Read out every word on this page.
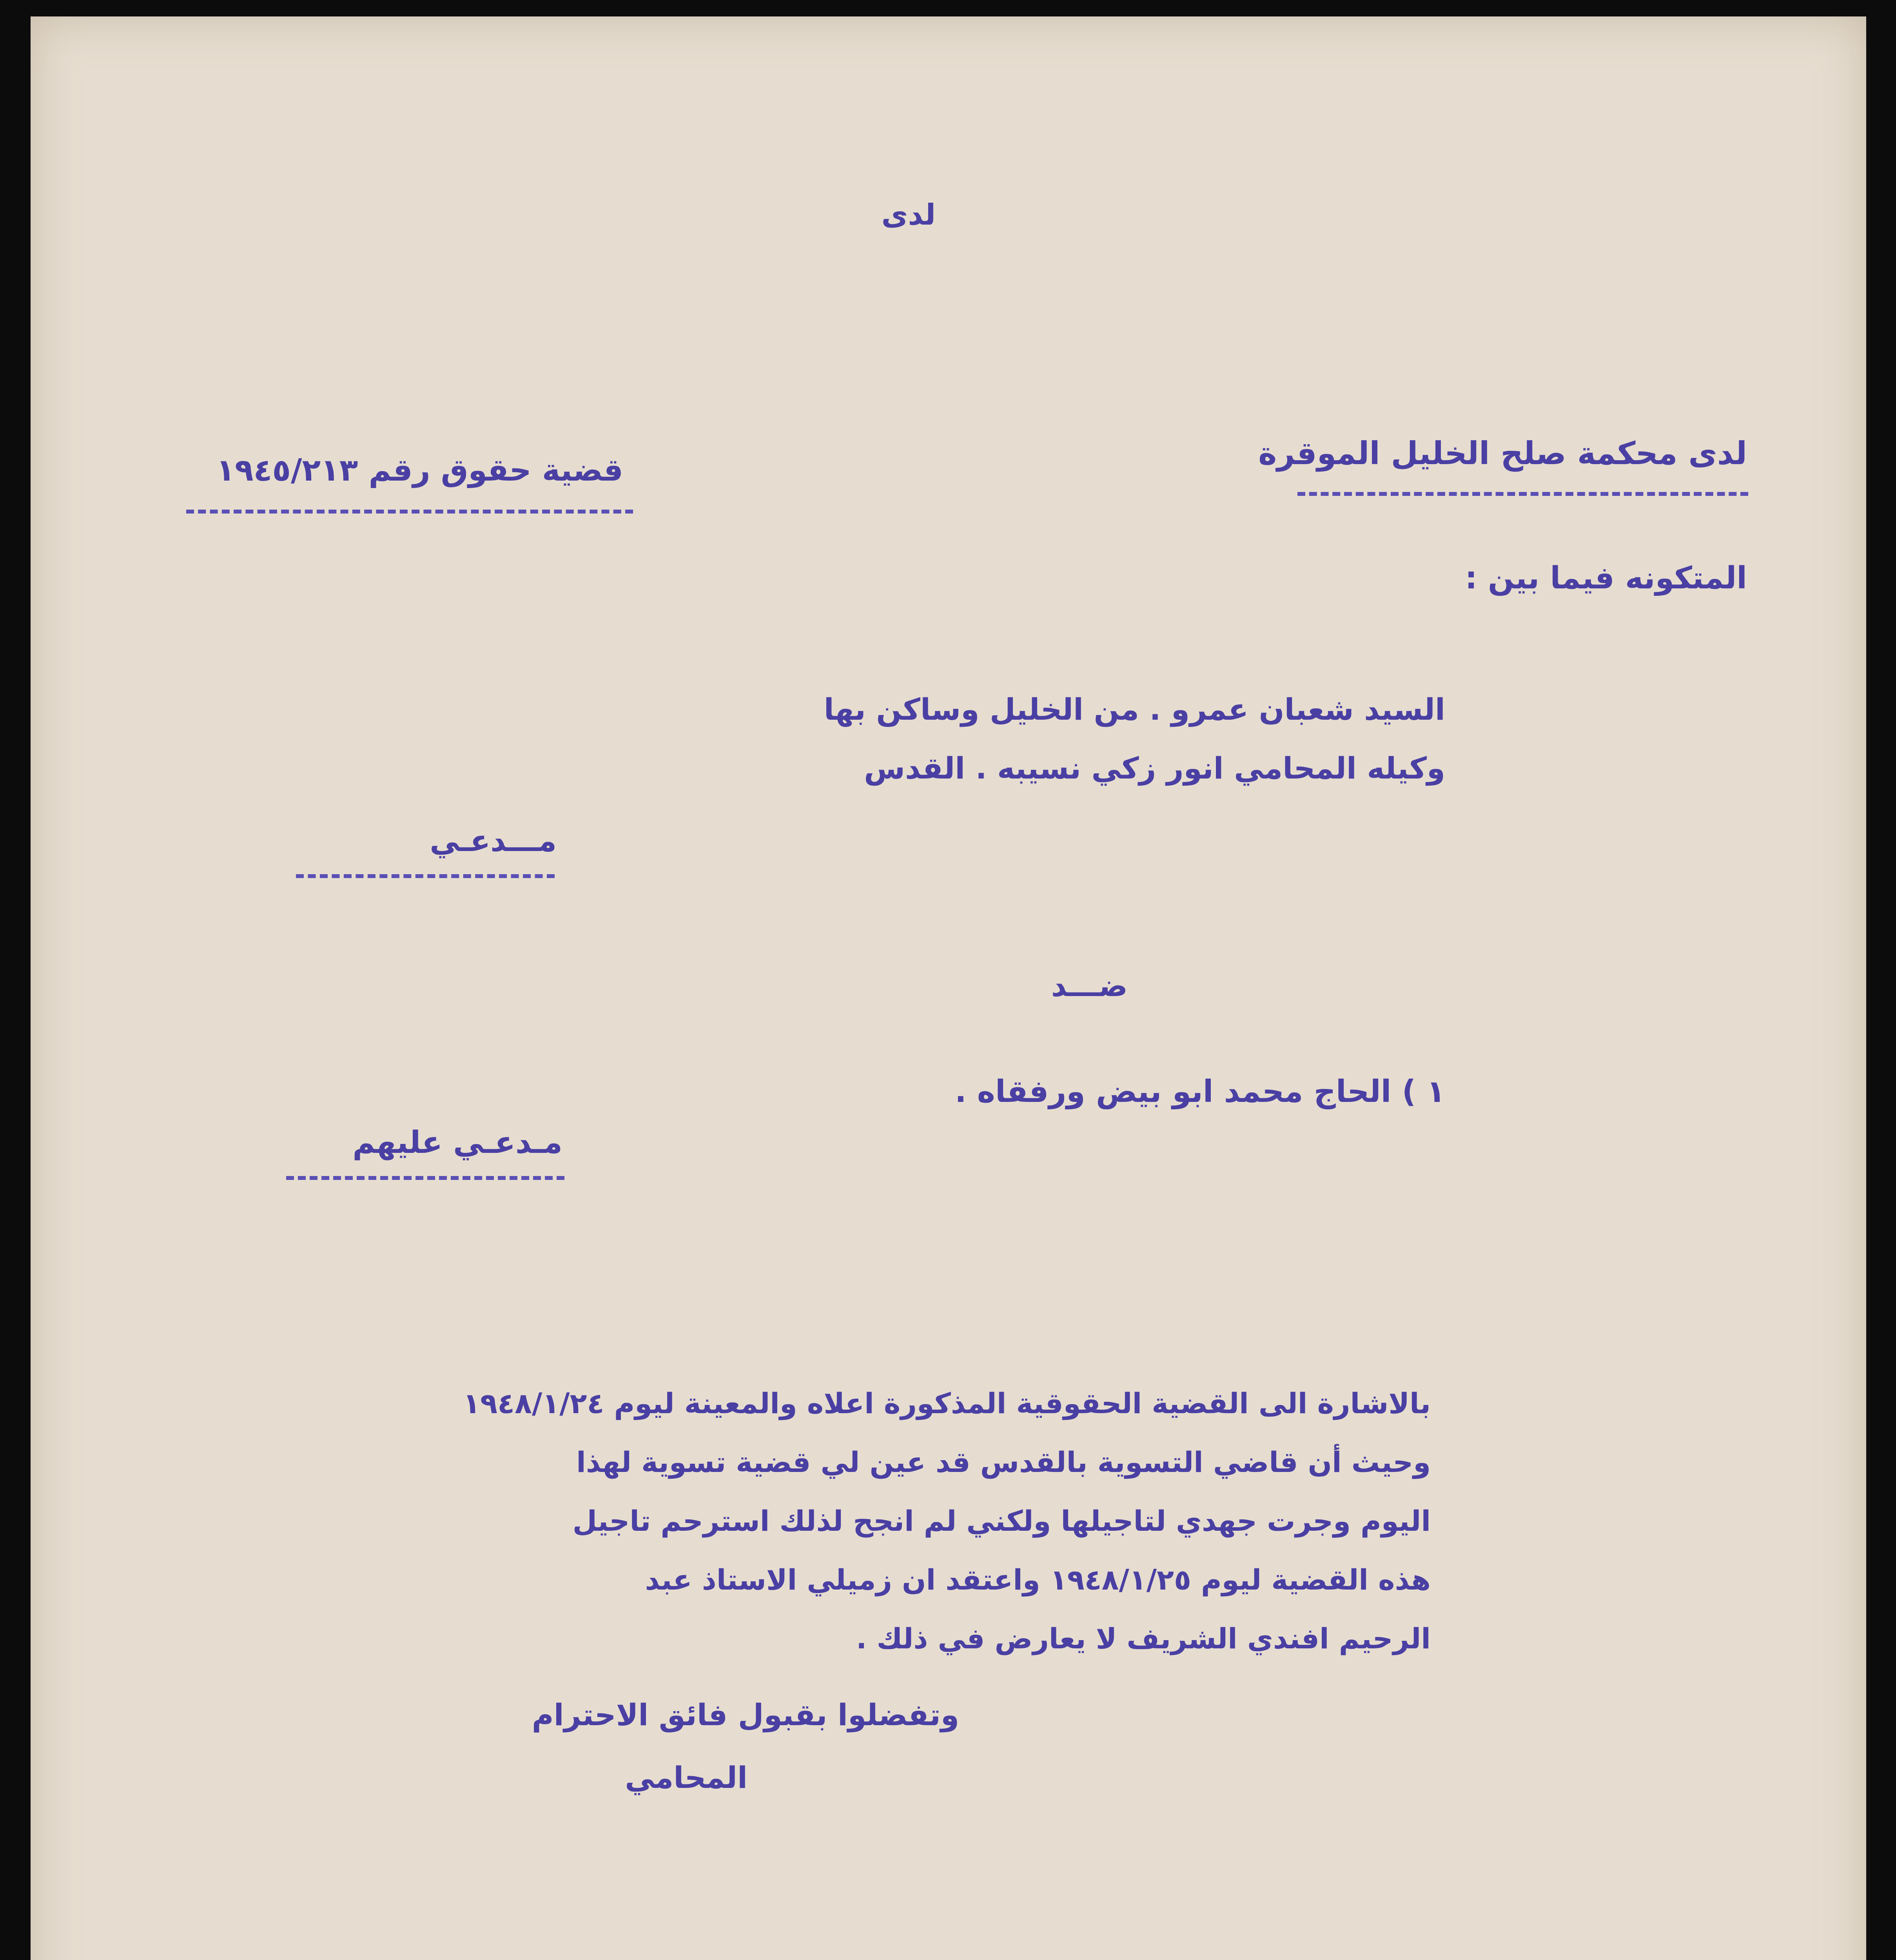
لدى
لدى محكمة صلح الخليل الموقرة
قضية حقوق رقم ١٩٤٥/٢١٣
المتكونه فيما بين :
السيد شعبان عمرو . من الخليل وساكن بها
وكيله المحامي انور زكي نسيبه . القدس
مـــدعـي
ضـــد
١ ) الحاج محمد ابو بيض ورفقاه .
مـدعـي عليهم
بالاشارة الى القضية الحقوقية المذكورة اعلاه والمعينة ليوم ١٩٤٨/١/٢٤
وحيث أن قاضي التسوية بالقدس قد عين لي قضية تسوية لهذا
اليوم وجرت جهدي لتاجيلها ولكني لم انجح لذلك استرحم تاجيل
هذه القضية ليوم ١٩٤٨/١/٢٥ واعتقد ان زميلي الاستاذ عبد
الرحيم افندي الشريف لا يعارض في ذلك .
وتفضلوا بقبول فائق الاحترام
المحامي
